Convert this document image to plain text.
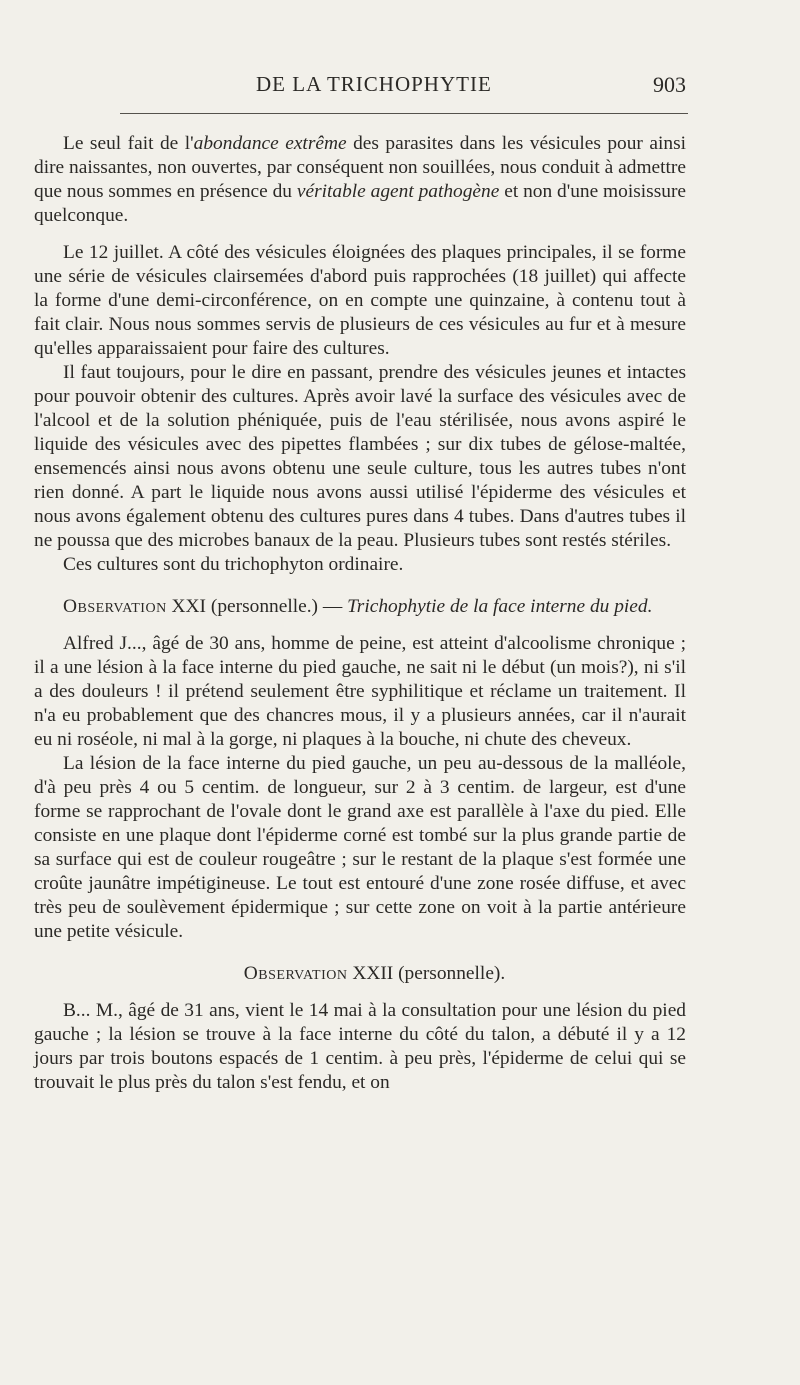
DE LA TRICHOPHYTIE	903

Le seul fait de l'abondance extrême des parasites dans les vésicules pour ainsi dire naissantes, non ouvertes, par conséquent non souillées, nous conduit à admettre que nous sommes en présence du véritable agent pathogène et non d'une moisissure quelconque.

Le 12 juillet. A côté des vésicules éloignées des plaques principales, il se forme une série de vésicules clairsemées d'abord puis rapprochées (18 juillet) qui affecte la forme d'une demi-circonférence, on en compte une quinzaine, à contenu tout à fait clair. Nous nous sommes servis de plusieurs de ces vésicules au fur et à mesure qu'elles apparaissaient pour faire des cultures.

Il faut toujours, pour le dire en passant, prendre des vésicules jeunes et intactes pour pouvoir obtenir des cultures. Après avoir lavé la surface des vésicules avec de l'alcool et de la solution phéniquée, puis de l'eau stérilisée, nous avons aspiré le liquide des vésicules avec des pipettes flambées ; sur dix tubes de gélose-maltée, ensemencés ainsi nous avons obtenu une seule culture, tous les autres tubes n'ont rien donné. A part le liquide nous avons aussi utilisé l'épiderme des vésicules et nous avons également obtenu des cultures pures dans 4 tubes. Dans d'autres tubes il ne poussa que des microbes banaux de la peau. Plusieurs tubes sont restés stériles.

Ces cultures sont du trichophyton ordinaire.

Observation XXI (personnelle.) — Trichophytie de la face interne du pied.

Alfred J..., âgé de 30 ans, homme de peine, est atteint d'alcoolisme chronique ; il a une lésion à la face interne du pied gauche, ne sait ni le début (un mois?), ni s'il a des douleurs ! il prétend seulement être syphilitique et réclame un traitement. Il n'a eu probablement que des chancres mous, il y a plusieurs années, car il n'aurait eu ni roséole, ni mal à la gorge, ni plaques à la bouche, ni chute des cheveux.

La lésion de la face interne du pied gauche, un peu au-dessous de la malléole, d'à peu près 4 ou 5 centim. de longueur, sur 2 à 3 centim. de largeur, est d'une forme se rapprochant de l'ovale dont le grand axe est parallèle à l'axe du pied. Elle consiste en une plaque dont l'épiderme corné est tombé sur la plus grande partie de sa surface qui est de couleur rougeâtre ; sur le restant de la plaque s'est formée une croûte jaunâtre impétigineuse. Le tout est entouré d'une zone rosée diffuse, et avec très peu de soulèvement épidermique ; sur cette zone on voit à la partie antérieure une petite vésicule.

Observation XXII (personnelle).

B... M., âgé de 31 ans, vient le 14 mai à la consultation pour une lésion du pied gauche ; la lésion se trouve à la face interne du côté du talon, a débuté il y a 12 jours par trois boutons espacés de 1 centim. à peu près, l'épiderme de celui qui se trouvait le plus près du talon s'est fendu, et on
